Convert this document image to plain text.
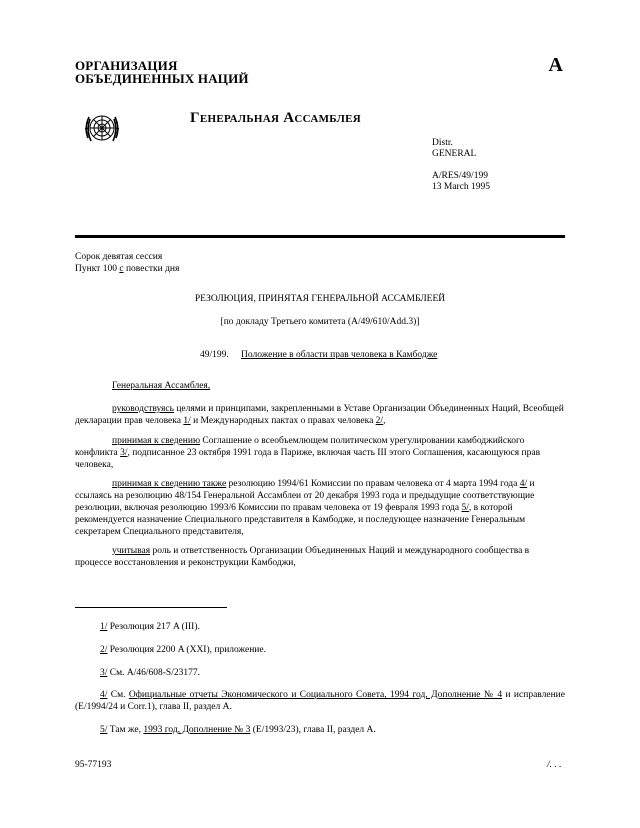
ОРГАНИЗАЦИЯ
ОБЪЕДИНЕННЫХ НАЦИЙ
A
Генеральная Ассамблея
Distr.
GENERAL
A/RES/49/199
13 March 1995
Сорок девятая сессия
Пункт 100 c повестки дня
РЕЗОЛЮЦИЯ, ПРИНЯТАЯ ГЕНЕРАЛЬНОЙ АССАМБЛЕЕЙ
[по докладу Третьего комитета (A/49/610/Add.3)]
49/199. Положение в области прав человека в Камбодже
Генеральная Ассамблея,
руководствуясь целями и принципами, закрепленными в Уставе Организации Объединенных Наций, Всеобщей декларации прав человека 1/ и Международных пактах о правах человека 2/,
принимая к сведению Соглашение о всеобъемлющем политическом урегулировании камбоджийского конфликта 3/, подписанное 23 октября 1991 года в Париже, включая часть III этого Соглашения, касающуюся прав человека,
принимая к сведению также резолюцию 1994/61 Комиссии по правам человека от 4 марта 1994 года 4/ и ссылаясь на резолюцию 48/154 Генеральной Ассамблеи от 20 декабря 1993 года и предыдущие соответствующие резолюции, включая резолюцию 1993/6 Комиссии по правам человека от 19 февраля 1993 года 5/, в которой рекомендуется назначение Специального представителя в Камбодже, и последующее назначение Генеральным секретарем Специального представителя,
учитывая роль и ответственность Организации Объединенных Наций и международного сообщества в процессе восстановления и реконструкции Камбоджи,
1/ Резолюция 217 A (III).
2/ Резолюция 2200 A (XXI), приложение.
3/ См. A/46/608-S/23177.
4/ См. Официальные отчеты Экономического и Социального Совета, 1994 год, Дополнение № 4 и исправление (E/1994/24 и Corr.1), глава II, раздел A.
5/ Там же, 1993 год, Дополнение № 3 (E/1993/23), глава II, раздел A.
95-77193	/. . .
